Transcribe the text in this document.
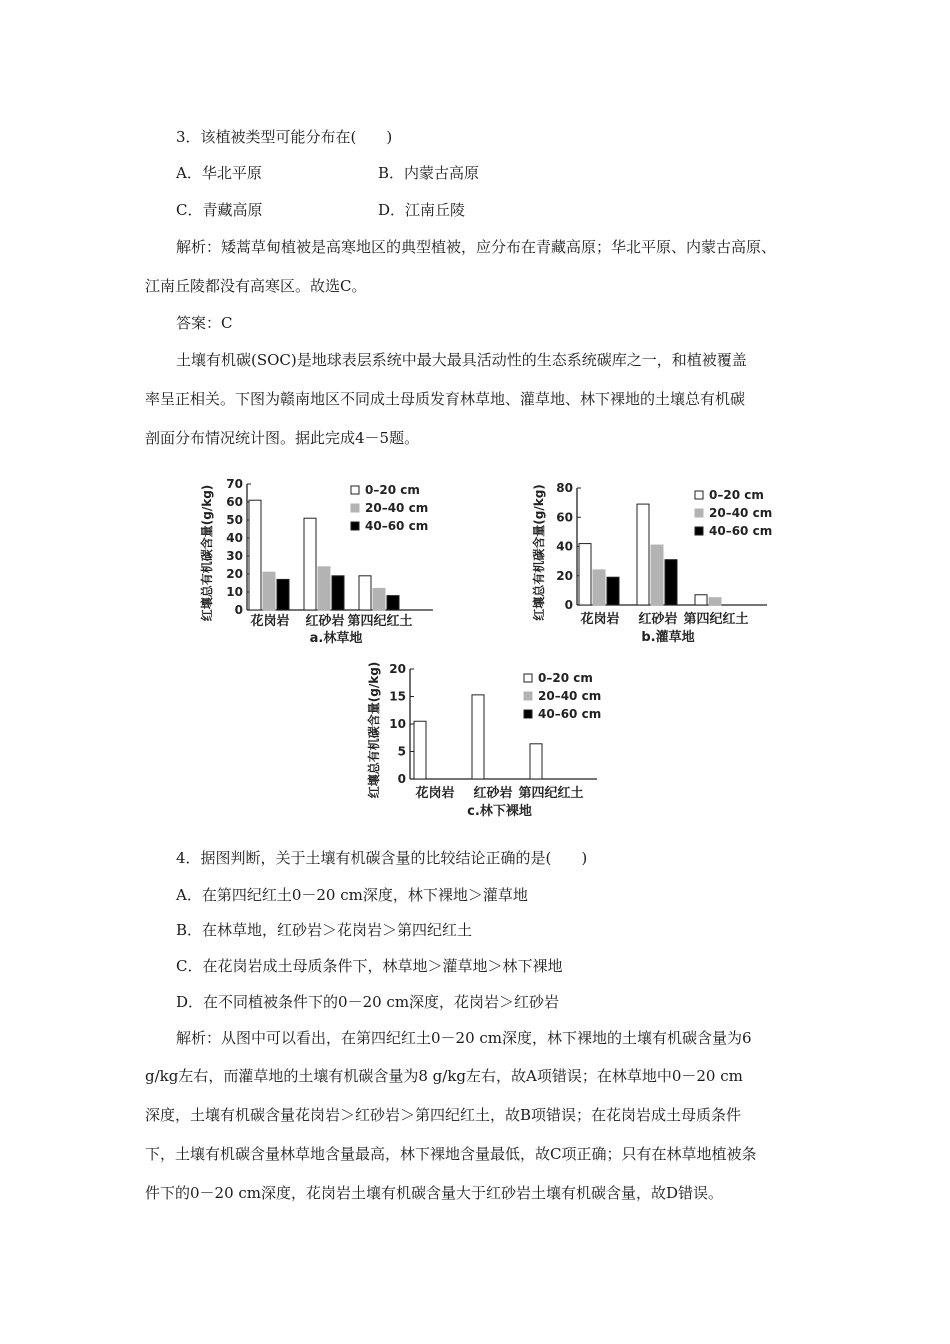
3．该植被类型可能分布在(　　)
A．华北平原	B．内蒙古高原
C．青藏高原	D．江南丘陵
解析：矮蒿草甸植被是高寒地区的典型植被，应分布在青藏高原；华北平原、内蒙古高原、
江南丘陵都没有高寒区。故选C。
答案：C
土壤有机碳(SOC)是地球表层系统中最大最具活动性的生态系统碳库之一，和植被覆盖
率呈正相关。下图为赣南地区不同成土母质发育林草地、灌草地、林下裸地的土壤总有机碳
剖面分布情况统计图。据此完成4－5题。
红壤总有机碳含量(g/kg) 0
10
20
30
40
50
60
70
花岗岩 红砂岩 第四纪红土
0–20 cm
20–40 cm
40–60 cm
a.林草地
红壤总有机碳含量(g/kg) 0
20
40
60
80
花岗岩 红砂岩 第四纪红土
0–20 cm
20–40 cm
40–60 cm
b.灌草地
红壤总有机碳含量(g/kg) 0
5
10
15
20
花岗岩 红砂岩 第四纪红土
0–20 cm
20–40 cm
40–60 cm
c.林下裸地
4．据图判断，关于土壤有机碳含量的比较结论正确的是(　　)
A．在第四纪红土0－20 cm深度，林下裸地＞灌草地
B．在林草地，红砂岩＞花岗岩＞第四纪红土
C．在花岗岩成土母质条件下，林草地＞灌草地＞林下裸地
D．在不同植被条件下的0－20 cm深度，花岗岩＞红砂岩
解析：从图中可以看出，在第四纪红土0－20 cm深度，林下裸地的土壤有机碳含量为6
g/kg左右，而灌草地的土壤有机碳含量为8 g/kg左右，故A项错误；在林草地中0－20 cm
深度，土壤有机碳含量花岗岩＞红砂岩＞第四纪红土，故B项错误；在花岗岩成土母质条件
下，土壤有机碳含量林草地含量最高，林下裸地含量最低，故C项正确；只有在林草地植被条
件下的0－20 cm深度，花岗岩土壤有机碳含量大于红砂岩土壤有机碳含量，故D错误。
